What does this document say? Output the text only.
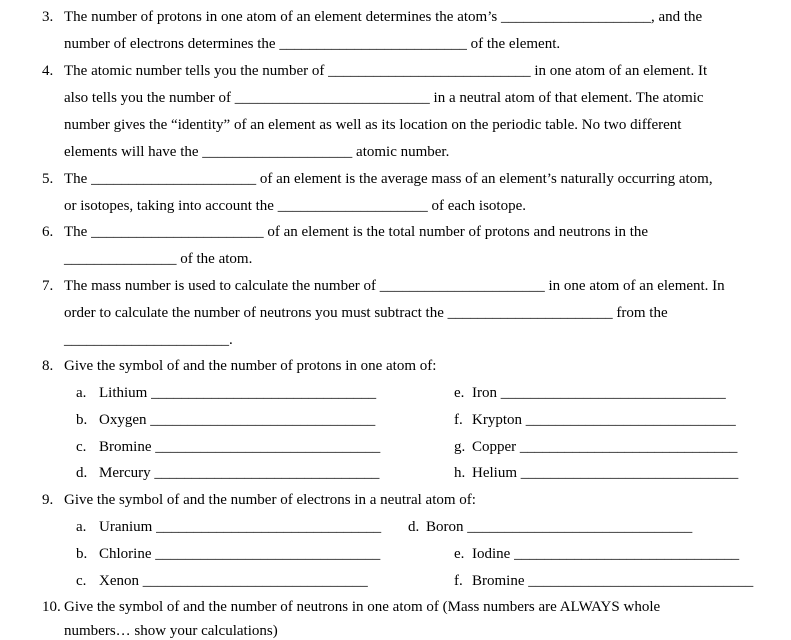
3. The number of protons in one atom of an element determines the atom’s ____________________, and the
number of electrons determines the _________________________ of the element.
4. The atomic number tells you the number of ___________________________ in one atom of an element. It
also tells you the number of __________________________ in a neutral atom of that element. The atomic
number gives the “identity” of an element as well as its location on the periodic table. No two different
elements will have the ____________________ atomic number.
5. The ______________________ of an element is the average mass of an element’s naturally occurring atom,
or isotopes, taking into account the ____________________ of each isotope.
6. The _______________________ of an element is the total number of protons and neutrons in the
_______________ of the atom.
7. The mass number is used to calculate the number of ______________________ in one atom of an element. In
order to calculate the number of neutrons you must subtract the ______________________ from the
______________________.
8. Give the symbol of and the number of protons in one atom of:
a. Lithium ______________________________
b. Oxygen ______________________________
c. Bromine ______________________________
d. Mercury ______________________________
e. Iron ______________________________
f. Krypton ____________________________
g. Copper _____________________________
h. Helium _____________________________
9. Give the symbol of and the number of electrons in a neutral atom of:
a. Uranium ______________________________
b. Chlorine ______________________________
c. Xenon ______________________________
d. Boron ______________________________
e. Iodine ______________________________
f. Bromine ______________________________
10. Give the symbol of and the number of neutrons in one atom of (Mass numbers are ALWAYS whole
numbers… show your calculations)
